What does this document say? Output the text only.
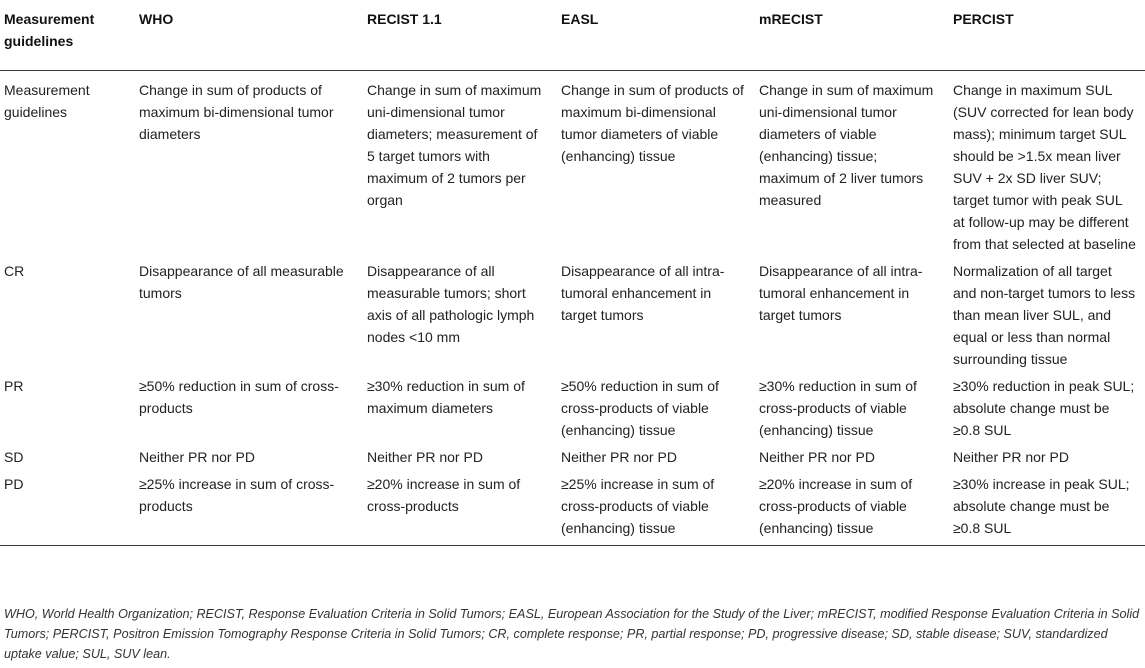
Measurement guidelines	WHO	RECIST 1.1	EASL	mRECIST	PERCIST
Measurement guidelines	Change in sum of products of maximum bi-dimensional tumor diameters	Change in sum of maximum uni-dimensional tumor diameters; measurement of 5 target tumors with maximum of 2 tumors per organ	Change in sum of products of maximum bi-dimensional tumor diameters of viable (enhancing) tissue	Change in sum of maximum uni-dimensional tumor diameters of viable (enhancing) tissue; maximum of 2 liver tumors measured	Change in maximum SUL (SUV corrected for lean body mass); minimum target SUL should be >1.5x mean liver SUV + 2x SD liver SUV; target tumor with peak SUL at follow-up may be different from that selected at baseline
CR	Disappearance of all measurable tumors	Disappearance of all measurable tumors; short axis of all pathologic lymph nodes <10 mm	Disappearance of all intra-tumoral enhancement in target tumors	Disappearance of all intra-tumoral enhancement in target tumors	Normalization of all target and non-target tumors to less than mean liver SUL, and equal or less than normal surrounding tissue
PR	≥50% reduction in sum of cross-products	≥30% reduction in sum of maximum diameters	≥50% reduction in sum of cross-products of viable (enhancing) tissue	≥30% reduction in sum of cross-products of viable (enhancing) tissue	≥30% reduction in peak SUL; absolute change must be ≥0.8 SUL
SD	Neither PR nor PD	Neither PR nor PD	Neither PR nor PD	Neither PR nor PD	Neither PR nor PD
PD	≥25% increase in sum of cross-products	≥20% increase in sum of cross-products	≥25% increase in sum of cross-products of viable (enhancing) tissue	≥20% increase in sum of cross-products of viable (enhancing) tissue	≥30% increase in peak SUL; absolute change must be ≥0.8 SUL
WHO, World Health Organization; RECIST, Response Evaluation Criteria in Solid Tumors; EASL, European Association for the Study of the Liver; mRECIST, modified Response Evaluation Criteria in Solid Tumors; PERCIST, Positron Emission Tomography Response Criteria in Solid Tumors; CR, complete response; PR, partial response; PD, progressive disease; SD, stable disease; SUV, standardized uptake value; SUL, SUV lean.
